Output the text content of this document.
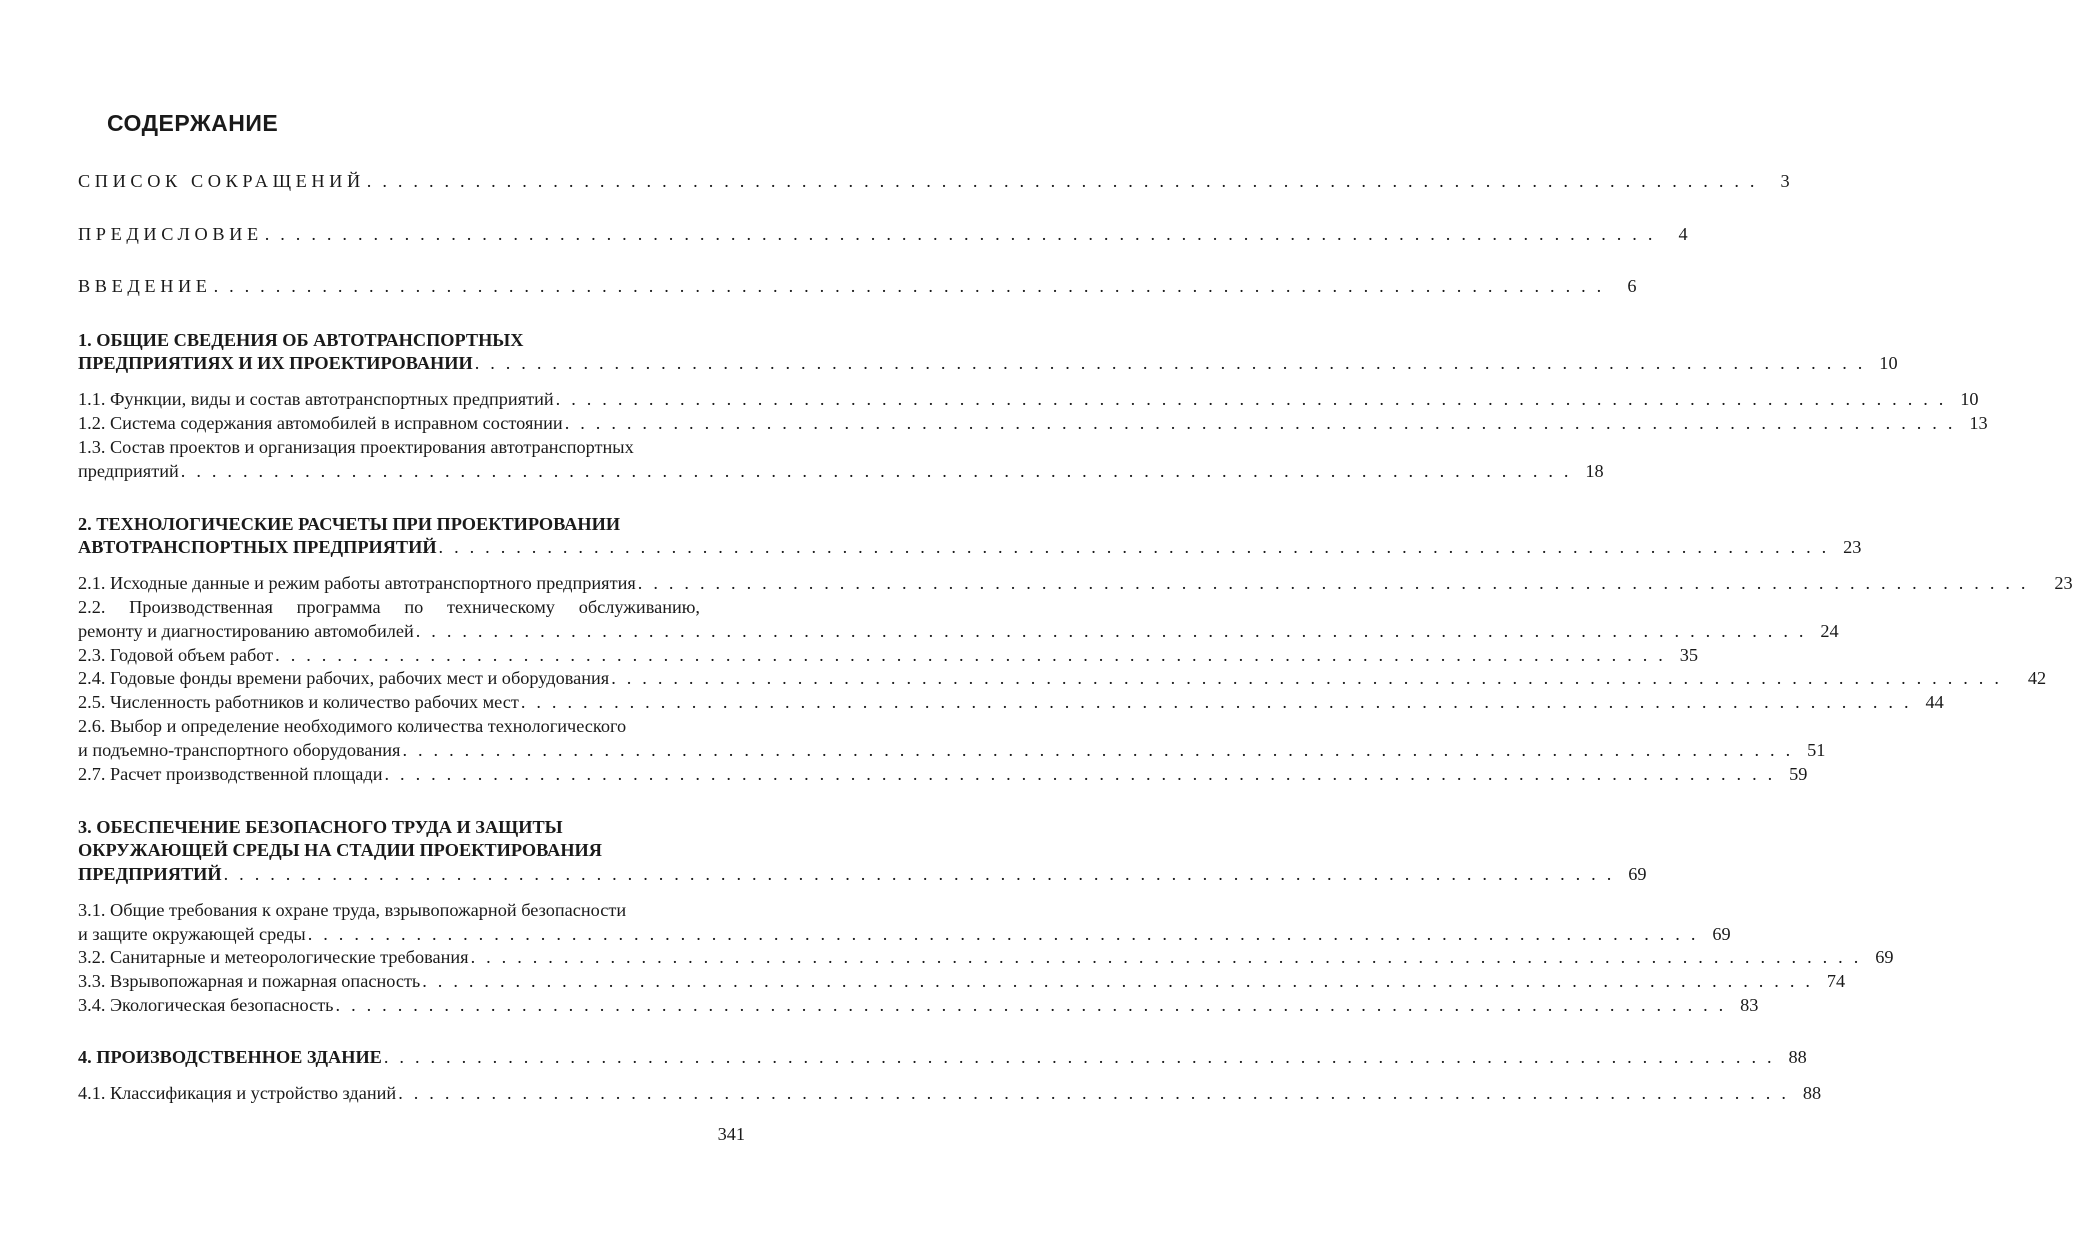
СОДЕРЖАНИЕ
СПИСОК СОКРАЩЕНИЙ . . . . . . . . . . . . . . . . . . . . . . . . . . . . . . . . . . . . . . . . . . . . . . . . . . . . . . . . . . . . . . . . . . . . . . . . . . . . . . . . . . . . . . . . . .	3
ПРЕДИСЛОВИЕ . . . . . . . . . . . . . . . . . . . . . . . . . . . . . . . . . . . . . . . . . . . . . . . . . . . . . . . . . . . . . . . . . . . . . . . . . . . . . . . . . . . . . . . . . .	4
ВВЕДЕНИЕ . . . . . . . . . . . . . . . . . . . . . . . . . . . . . . . . . . . . . . . . . . . . . . . . . . . . . . . . . . . . . . . . . . . . . . . . . . . . . . . . . . . . . . . . . .	6
1. ОБЩИЕ СВЕДЕНИЯ ОБ АВТОТРАНСПОРТНЫХ
ПРЕДПРИЯТИЯХ И ИХ ПРОЕКТИРОВАНИИ . . . . . . . . . . . . . . . . . . . . . . . . . . . . . . . . . . . . . . . . . . . . . . . . . . . . . . . . . . . . . . . . . . . . . . . . . . . . . . . . . . . . . . . . . . 10
1.1. Функции, виды и состав автотранспортных предприятий . . . . . . . . . . . . . . . . . . . . . . . . . . . . . . . . . . . . . . . . . . . . . . . . . . . . . . . . . . . . . . . . . . . . . . . . . . . . . . . . . . . . . . . . . . 10
1.2. Система содержания автомобилей в исправном состоянии . . . . . . . . . . . . . . . . . . . . . . . . . . . . . . . . . . . . . . . . . . . . . . . . . . . . . . . . . . . . . . . . . . . . . . . . . . . . . . . . . . . . . . . . . . 13
1.3. Состав проектов и организация проектирования автотранспортных
предприятий . . . . . . . . . . . . . . . . . . . . . . . . . . . . . . . . . . . . . . . . . . . . . . . . . . . . . . . . . . . . . . . . . . . . . . . . . . . . . . . . . . . . . . . . . . 18
2. ТЕХНОЛОГИЧЕСКИЕ РАСЧЕТЫ ПРИ ПРОЕКТИРОВАНИИ
АВТОТРАНСПОРТНЫХ ПРЕДПРИЯТИЙ . . . . . . . . . . . . . . . . . . . . . . . . . . . . . . . . . . . . . . . . . . . . . . . . . . . . . . . . . . . . . . . . . . . . . . . . . . . . . . . . . . . . . . . . . . 23
2.1. Исходные данные и режим работы автотранспортного предприятия . . . . . . . . . . . . . . . . . . . . . . . . . . . . . . . . . . . . . . . . . . . . . . . . . . . . . . . . . . . . . . . . . . . . . . . . . . . . . . . . . . . . . . . . . . 23
2.2. Производственная программа по техническому обслуживанию,
ремонту и диагностированию автомобилей . . . . . . . . . . . . . . . . . . . . . . . . . . . . . . . . . . . . . . . . . . . . . . . . . . . . . . . . . . . . . . . . . . . . . . . . . . . . . . . . . . . . . . . . . . 24
2.3. Годовой объем работ . . . . . . . . . . . . . . . . . . . . . . . . . . . . . . . . . . . . . . . . . . . . . . . . . . . . . . . . . . . . . . . . . . . . . . . . . . . . . . . . . . . . . . . . . . 35
2.4. Годовые фонды времени рабочих, рабочих мест и оборудования . . . . . . . . . . . . . . . . . . . . . . . . . . . . . . . . . . . . . . . . . . . . . . . . . . . . . . . . . . . . . . . . . . . . . . . . . . . . . . . . . . . . . . . . . . 42
2.5. Численность работников и количество рабочих мест . . . . . . . . . . . . . . . . . . . . . . . . . . . . . . . . . . . . . . . . . . . . . . . . . . . . . . . . . . . . . . . . . . . . . . . . . . . . . . . . . . . . . . . . . . 44
2.6. Выбор и определение необходимого количества технологического
и подъемно-транспортного оборудования . . . . . . . . . . . . . . . . . . . . . . . . . . . . . . . . . . . . . . . . . . . . . . . . . . . . . . . . . . . . . . . . . . . . . . . . . . . . . . . . . . . . . . . . . . 51
2.7. Расчет производственной площади . . . . . . . . . . . . . . . . . . . . . . . . . . . . . . . . . . . . . . . . . . . . . . . . . . . . . . . . . . . . . . . . . . . . . . . . . . . . . . . . . . . . . . . . . . 59
3. ОБЕСПЕЧЕНИЕ БЕЗОПАСНОГО ТРУДА И ЗАЩИТЫ
ОКРУЖАЮЩЕЙ СРЕДЫ НА СТАДИИ ПРОЕКТИРОВАНИЯ
ПРЕДПРИЯТИЙ . . . . . . . . . . . . . . . . . . . . . . . . . . . . . . . . . . . . . . . . . . . . . . . . . . . . . . . . . . . . . . . . . . . . . . . . . . . . . . . . . . . . . . . . . . 69
3.1. Общие требования к охране труда, взрывопожарной безопасности
и защите окружающей среды . . . . . . . . . . . . . . . . . . . . . . . . . . . . . . . . . . . . . . . . . . . . . . . . . . . . . . . . . . . . . . . . . . . . . . . . . . . . . . . . . . . . . . . . . . 69
3.2. Санитарные и метеорологические требования . . . . . . . . . . . . . . . . . . . . . . . . . . . . . . . . . . . . . . . . . . . . . . . . . . . . . . . . . . . . . . . . . . . . . . . . . . . . . . . . . . . . . . . . . . 69
3.3. Взрывопожарная и пожарная опасность . . . . . . . . . . . . . . . . . . . . . . . . . . . . . . . . . . . . . . . . . . . . . . . . . . . . . . . . . . . . . . . . . . . . . . . . . . . . . . . . . . . . . . . . . . 74
3.4. Экологическая безопасность . . . . . . . . . . . . . . . . . . . . . . . . . . . . . . . . . . . . . . . . . . . . . . . . . . . . . . . . . . . . . . . . . . . . . . . . . . . . . . . . . . . . . . . . . . 83
4. ПРОИЗВОДСТВЕННОЕ ЗДАНИЕ . . . . . . . . . . . . . . . . . . . . . . . . . . . . . . . . . . . . . . . . . . . . . . . . . . . . . . . . . . . . . . . . . . . . . . . . . . . . . . . . . . . . . . . . . . 88
4.1. Классификация и устройство зданий . . . . . . . . . . . . . . . . . . . . . . . . . . . . . . . . . . . . . . . . . . . . . . . . . . . . . . . . . . . . . . . . . . . . . . . . . . . . . . . . . . . . . . . . . . 88
341
